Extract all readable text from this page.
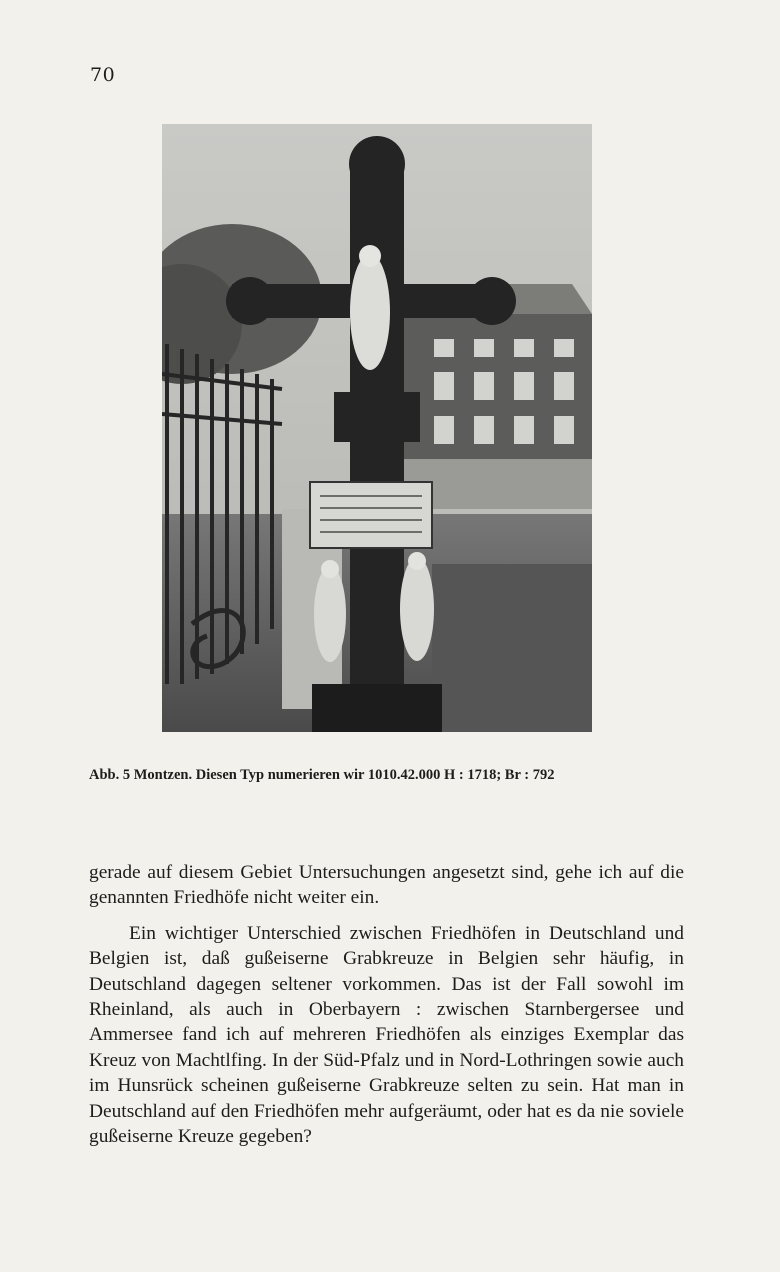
70
Abb. 5 Montzen. Diesen Typ numerieren wir 1010.42.000 H : 1718; Br : 792

gerade auf diesem Gebiet Untersuchungen angesetzt sind, gehe ich auf die genannten Friedhöfe nicht weiter ein.

Ein wichtiger Unterschied zwischen Friedhöfen in Deutschland und Belgien ist, daß gußeiserne Grabkreuze in Belgien sehr häufig, in Deutschland dagegen seltener vorkommen. Das ist der Fall sowohl im Rheinland, als auch in Oberbayern : zwischen Starnbergersee und Ammersee fand ich auf mehreren Friedhöfen als einziges Exemplar das Kreuz von Machtlfing. In der Süd-Pfalz und in Nord-Lothringen sowie auch im Hunsrück scheinen gußeiserne Grabkreuze selten zu sein. Hat man in Deutschland auf den Friedhöfen mehr aufgeräumt, oder hat es da nie soviele gußeiserne Kreuze gegeben?
